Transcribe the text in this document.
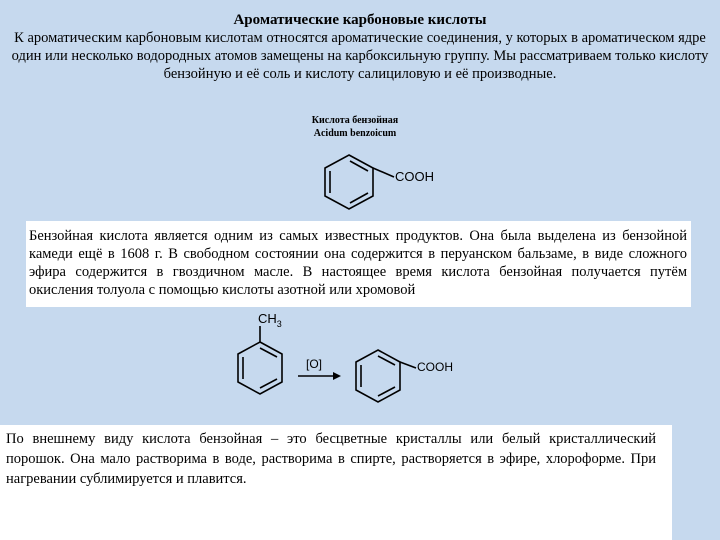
Ароматические карбоновые кислоты
К ароматическим карбоновым кислотам относятся ароматические соединения, у которых в ароматическом ядре один или несколько водородных атомов замещены на карбоксильную группу. Мы рассматриваем только кислоту бензойную и её соль и кислоту салициловую и её производные.
Кислота бензойная
Acidum benzoicum
COOH
Бензойная кислота является одним из самых известных продуктов. Она была выделена из бензойной камеди ещё в 1608 г. В свободном состоянии она содержится в перуанском бальзаме, в виде сложного эфира содержится в гвоздичном масле. В настоящее время кислота бензойная получается путём окисления толуола с помощью кислоты азотной или хромовой
$CH_3$
[O]	COOH
По внешнему виду кислота бензойная – это бесцветные кристаллы или белый кристаллический порошок. Она мало растворима в воде, растворима в спирте, растворяется в эфире, хлороформе. При нагревании сублимируется и плавится.
